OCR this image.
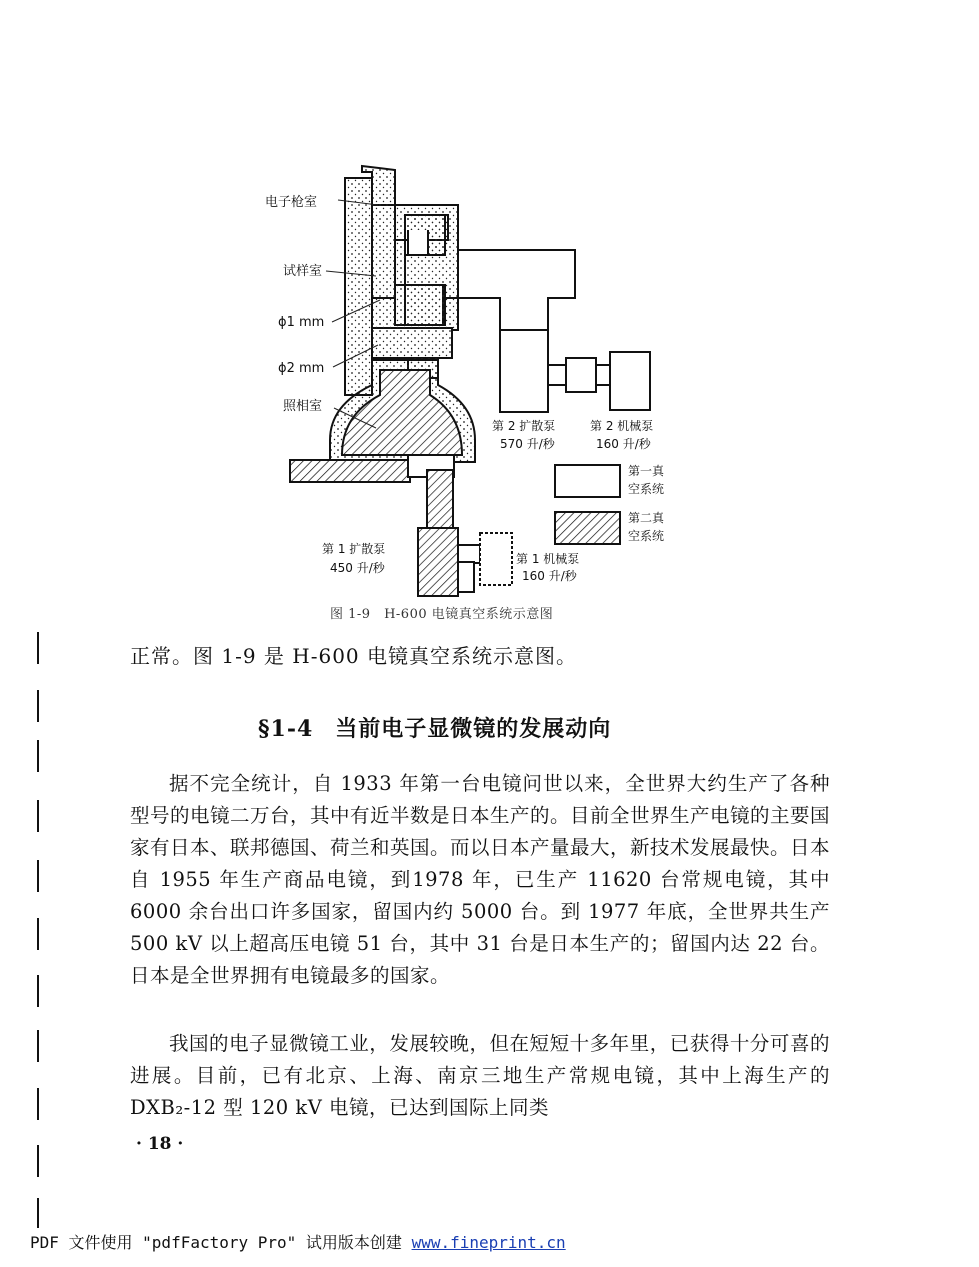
电子枪室
试样室
ϕ1 mm
ϕ2 mm
照相室
第 2 扩散泵
570 升/秒
第 2 机械泵
160 升/秒
第一真
空系统
第二真
空系统
第 1 扩散泵
450 升/秒
第 1 机械泵
160 升/秒
图 1-9　H-600 电镜真空系统示意图
正常。图 1-9 是 H-600 电镜真空系统示意图。
§1-4 当前电子显微镜的发展动向

据不完全统计，自 1933 年第一台电镜问世以来，全世界大约生产了各种型号的电镜二万台，其中有近半数是日本生产的。目前全世界生产电镜的主要国家有日本、联邦德国、荷兰和英国。而以日本产量最大，新技术发展最快。日本自 1955 年生产商品电镜，到1978 年，已生产 11620 台常规电镜，其中 6000 余台出口许多国家，留国内约 5000 台。到 1977 年底，全世界共生产 500 kV 以上超高压电镜 51 台，其中 31 台是日本生产的；留国内达 22 台。日本是全世界拥有电镜最多的国家。

我国的电子显微镜工业，发展较晚，但在短短十多年里，已获得十分可喜的进展。目前，已有北京、上海、南京三地生产常规电镜，其中上海生产的 DXB₂-12 型 120 kV 电镜，已达到国际上同类

· 18 ·
PDF 文件使用 "pdfFactory Pro" 试用版本创建 www.fineprint.cn
